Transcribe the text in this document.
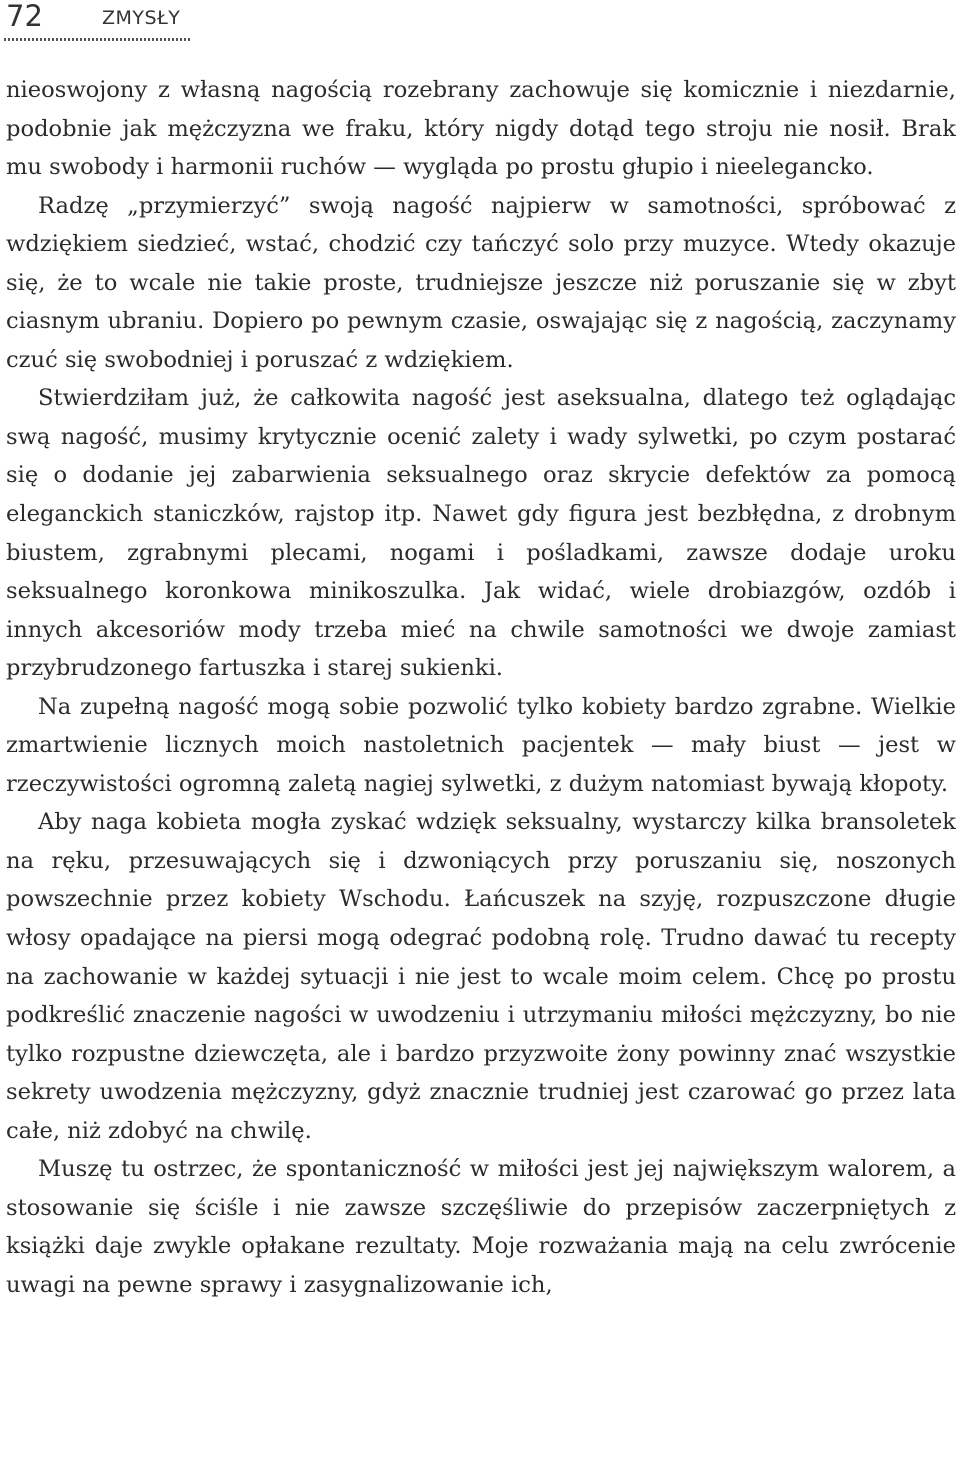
72	ZMYSŁY

nieoswojony z własną nagością rozebrany zachowuje się komicznie i niezdarnie, podobnie jak mężczyzna we fraku, który nigdy dotąd tego stroju nie nosił. Brak mu swobody i harmonii ruchów — wygląda po prostu głupio i nieelegancko.

Radzę „przymierzyć” swoją nagość najpierw w samotności, spróbować z wdziękiem siedzieć, wstać, chodzić czy tańczyć solo przy muzyce. Wtedy okazuje się, że to wcale nie takie proste, trudniejsze jeszcze niż poruszanie się w zbyt ciasnym ubraniu. Dopiero po pewnym czasie, oswajając się z nagością, zaczynamy czuć się swobodniej i poruszać z wdziękiem.

Stwierdziłam już, że całkowita nagość jest aseksualna, dlatego też oglądając swą nagość, musimy krytycznie ocenić zalety i wady sylwetki, po czym postarać się o dodanie jej zabarwienia seksualnego oraz skrycie defektów za pomocą eleganckich staniczków, rajstop itp. Nawet gdy figura jest bezbłędna, z drobnym biustem, zgrabnymi plecami, nogami i pośladkami, zawsze dodaje uroku seksualnego koronkowa minikoszulka. Jak widać, wiele drobiazgów, ozdób i innych akcesoriów mody trzeba mieć na chwile samotności we dwoje zamiast przybrudzonego fartuszka i starej sukienki.

Na zupełną nagość mogą sobie pozwolić tylko kobiety bardzo zgrabne. Wielkie zmartwienie licznych moich nastoletnich pacjentek — mały biust — jest w rzeczywistości ogromną zaletą nagiej sylwetki, z dużym natomiast bywają kłopoty.

Aby naga kobieta mogła zyskać wdzięk seksualny, wystarczy kilka bransoletek na ręku, przesuwających się i dzwoniących przy poruszaniu się, noszonych powszechnie przez kobiety Wschodu. Łańcuszek na szyję, rozpuszczone długie włosy opadające na piersi mogą odegrać podobną rolę. Trudno dawać tu recepty na zachowanie w każdej sytuacji i nie jest to wcale moim celem. Chcę po prostu podkreślić znaczenie nagości w uwodzeniu i utrzymaniu miłości mężczyzny, bo nie tylko rozpustne dziewczęta, ale i bardzo przyzwoite żony powinny znać wszystkie sekrety uwodzenia mężczyzny, gdyż znacznie trudniej jest czarować go przez lata całe, niż zdobyć na chwilę.

Muszę tu ostrzec, że spontaniczność w miłości jest jej największym walorem, a stosowanie się ściśle i nie zawsze szczęśliwie do przepisów zaczerpniętych z książki daje zwykle opłakane rezultaty. Moje rozważania mają na celu zwrócenie uwagi na pewne sprawy i zasygnalizowanie ich,
